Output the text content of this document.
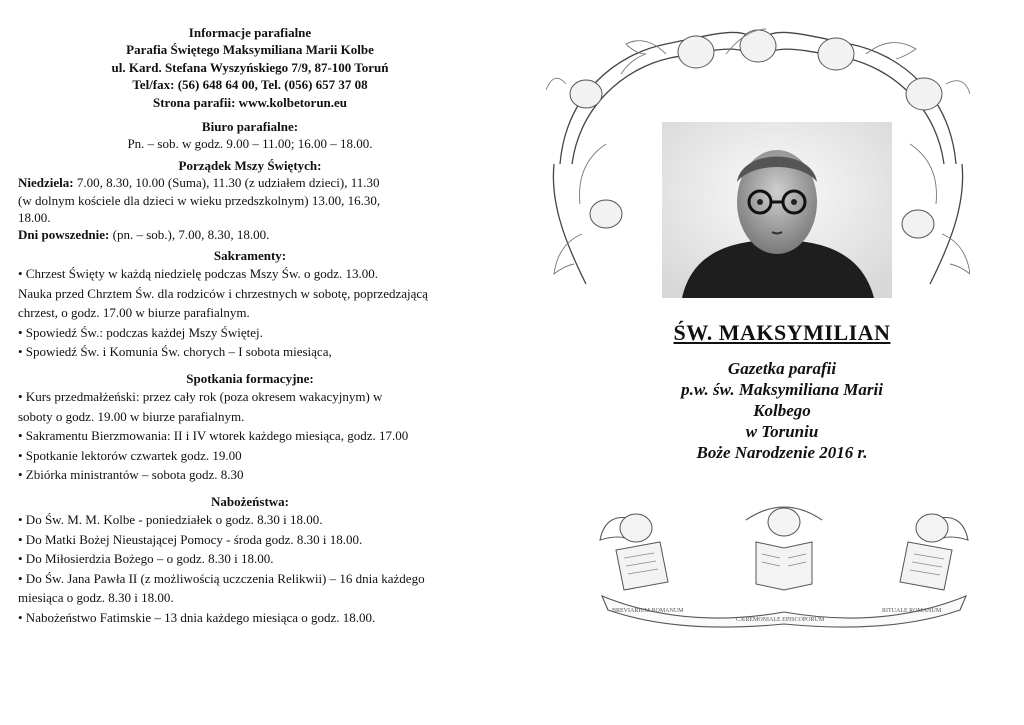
Informacje parafialne
Parafia Świętego Maksymiliana Marii Kolbe
ul. Kard. Stefana Wyszyńskiego 7/9, 87-100 Toruń
Tel/fax: (56) 648 64 00, Tel. (056) 657 37 08
Strona parafii: www.kolbetorun.eu
Biuro parafialne:
Pn. – sob. w godz. 9.00 – 11.00; 16.00 – 18.00.
Porządek Mszy Świętych:
Niedziela: 7.00, 8.30, 10.00 (Suma), 11.30 (z udziałem dzieci), 11.30
(w dolnym kościele dla dzieci w wieku przedszkolnym) 13.00, 16.30,
18.00.
Dni powszednie: (pn. – sob.), 7.00, 8.30, 18.00.
Sakramenty:
• Chrzest Święty w każdą niedzielę podczas Mszy Św. o godz. 13.00.
Nauka przed Chrztem Św. dla rodziców i chrzestnych w sobotę, poprzedzającą
chrzest, o godz. 17.00 w biurze parafialnym.
• Spowiedź Św.: podczas każdej Mszy Świętej.
• Spowiedź Św. i Komunia Św. chorych – I sobota miesiąca,
Spotkania formacyjne:
• Kurs przedmałżeński: przez cały rok (poza okresem wakacyjnym) w
soboty o godz. 19.00 w biurze parafialnym.
• Sakramentu Bierzmowania: II i IV wtorek każdego miesiąca, godz. 17.00
• Spotkanie lektorów czwartek godz. 19.00
• Zbiórka ministrantów – sobota godz. 8.30
Nabożeństwa:
• Do Św. M. M. Kolbe - poniedziałek o godz. 8.30 i 18.00.
• Do Matki Bożej Nieustającej Pomocy - środa godz. 8.30 i 18.00.
• Do Miłosierdzia Bożego – o godz. 8.30 i 18.00.
• Do Św. Jana Pawła II (z możliwością uczczenia Relikwii) – 16 dnia każdego
miesiąca o godz. 8.30 i 18.00.
• Nabożeństwo Fatimskie – 13 dnia każdego miesiąca o godz. 18.00.
ŚW. MAKSYMILIAN
Gazetka parafii
p.w. św. Maksymiliana Marii
Kolbego
w Toruniu
Boże Narodzenie 2016 r.
BREVIARIUM ROMANUM
CÆREMONIALE EPISCOPORUM
RITUALE ROMANUM
